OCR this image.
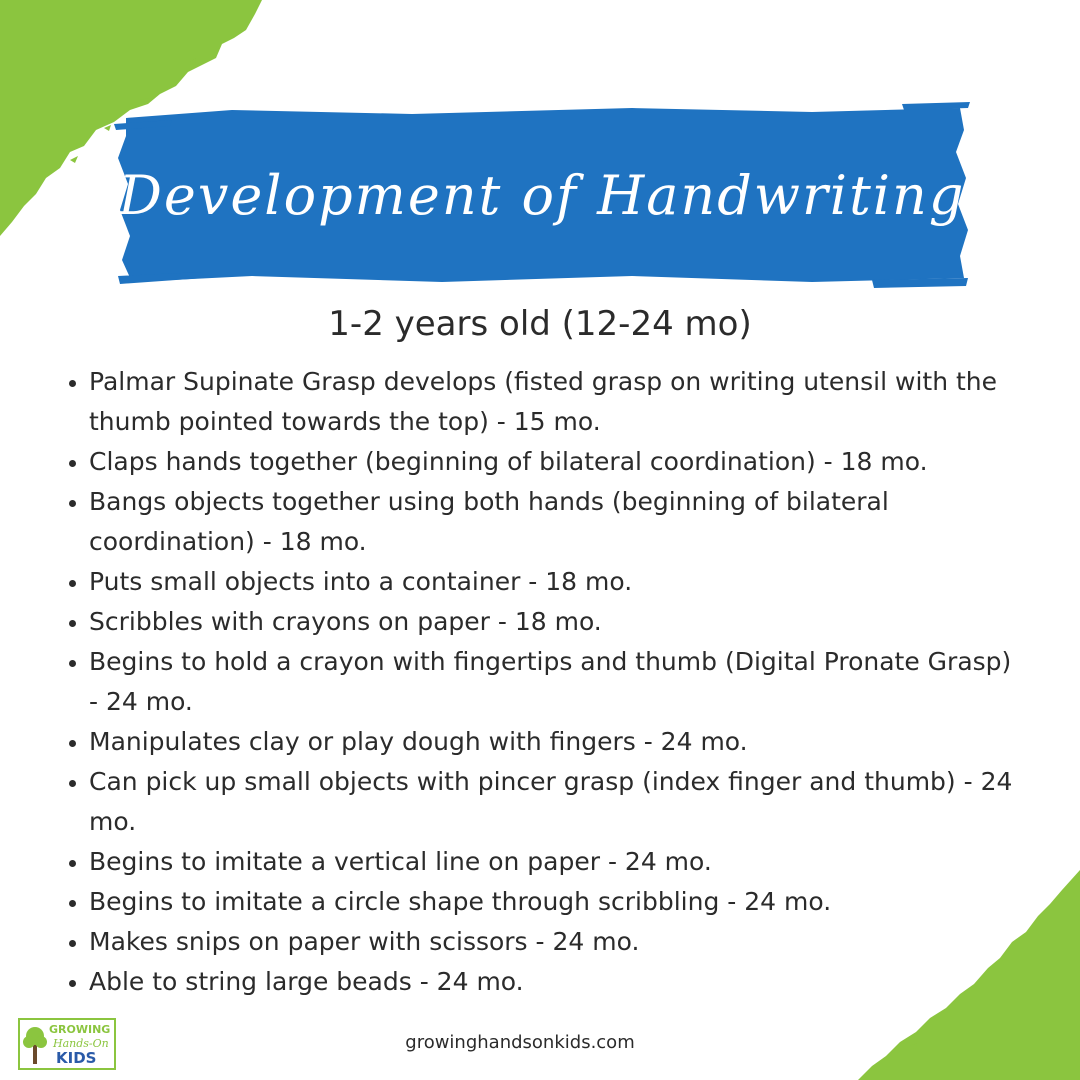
Development of Handwriting
1-2 years old (12-24 mo)
Palmar Supinate Grasp develops (fisted grasp on writing utensil with the thumb pointed towards the top) - 15 mo.
Claps hands together (beginning of bilateral coordination) - 18 mo.
Bangs objects together using both hands (beginning of bilateral coordination) - 18 mo.
Puts small objects into a container - 18 mo.
Scribbles with crayons on paper - 18 mo.
Begins to hold a crayon with fingertips and thumb (Digital Pronate Grasp) - 24 mo.
Manipulates clay or play dough with fingers - 24 mo.
Can pick up small objects with pincer grasp (index finger and thumb) - 24 mo.
Begins to imitate a vertical line on paper - 24 mo.
Begins to imitate a circle shape through scribbling - 24 mo.
Makes snips on paper with scissors - 24 mo.
Able to string large beads - 24 mo.
GROWING
Hands-On
KIDS
growinghandsonkids.com
